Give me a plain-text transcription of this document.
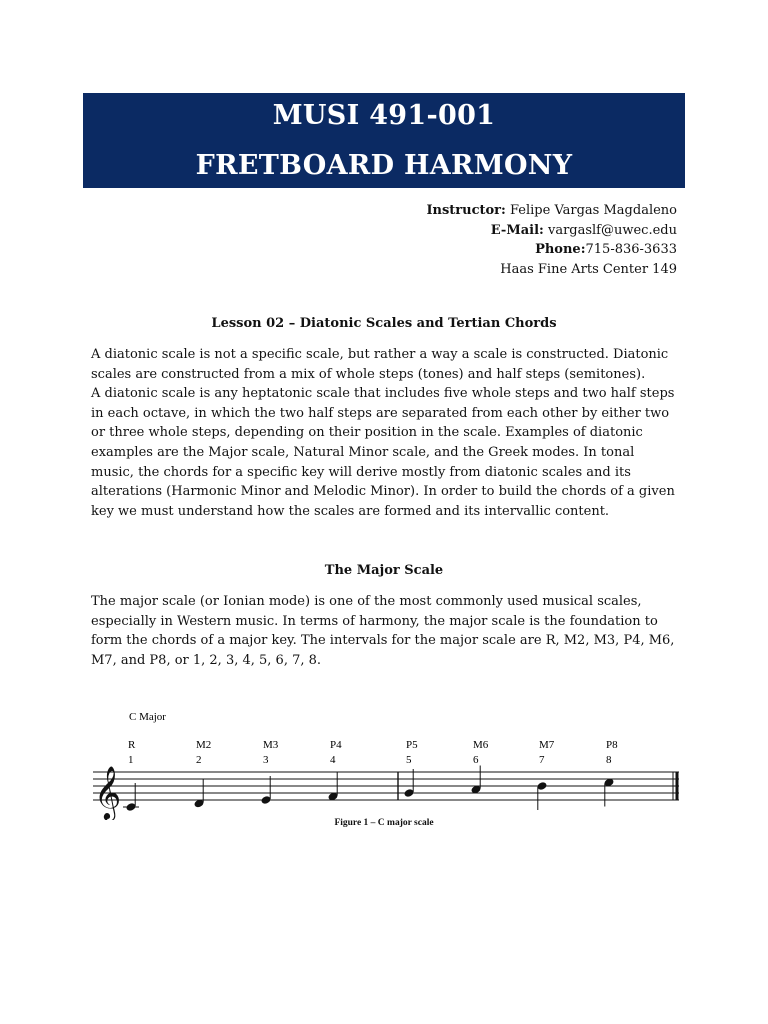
MUSI 491-001
FRETBOARD HARMONY
Instructor: Felipe Vargas Magdaleno
E-Mail: vargaslf@uwec.edu
Phone:715-836-3633
Haas Fine Arts Center 149
Lesson 02 – Diatonic Scales and Tertian Chords

A diatonic scale is not a specific scale, but rather a way a scale is constructed. Diatonic scales are constructed from a mix of whole steps (tones) and half steps (semitones).

A diatonic scale is any heptatonic scale that includes five whole steps and two half steps in each octave, in which the two half steps are separated from each other by either two or three whole steps, depending on their position in the scale. Examples of diatonic examples are the Major scale, Natural Minor scale, and the Greek modes. In tonal music, the chords for a specific key will derive mostly from diatonic scales and its alterations (Harmonic Minor and Melodic Minor). In order to build the chords of a given key we must understand how the scales are formed and its intervallic content.

The Major Scale
The major scale (or Ionian mode) is one of the most commonly used musical scales, especially in Western music. In terms of harmony, the major scale is the foundation to form the chords of a major key. The intervals for the major scale are R, M2, M3, P4, M6, M7, and P8, or 1, 2, 3, 4, 5, 6, 7, 8.
C Major
𝄞
R
1
M2
2
M3
3
P4
4
P5
5
M6
6
M7
7
P8
8
Figure 1 – C major scale
